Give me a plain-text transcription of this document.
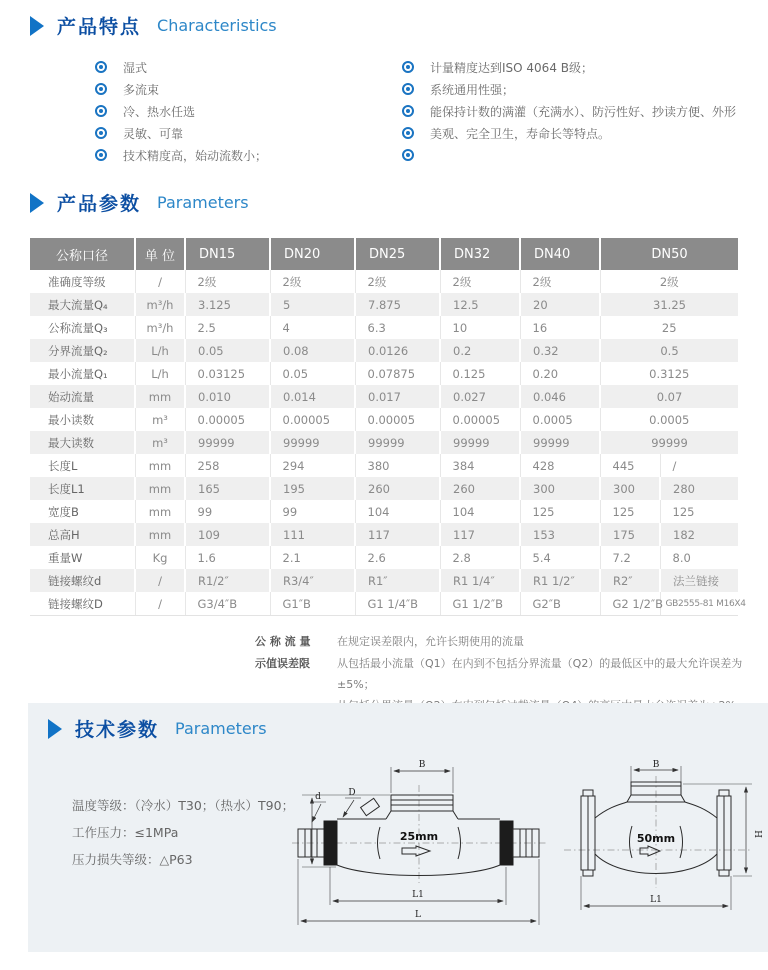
产品特点 Characteristics
湿式
多流束
冷、热水任选
灵敏、可靠
技术精度高，始动流数小；
计量精度达到ISO 4064 B级；
系统通用性强；
能保持计数的满灌（充满水）、防污性好、抄读方便、外形
美观、完全卫生，寿命长等特点。
产品参数 Parameters
公称口径	单 位	DN15	DN20	DN25	DN32	DN40	DN50	
准确度等级	/	2级	2级	2级	2级	2级	2级	
最大流量Q₄	m³/h	3.125	5	7.875	12.5	20	31.25	
公称流量Q₃	m³/h	2.5	4	6.3	10	16	25	
分界流量Q₂	L/h	0.05	0.08	0.0126	0.2	0.32	0.5	
最小流量Q₁	L/h	0.03125	0.05	0.07875	0.125	0.20	0.3125	
始动流量	mm	0.010	0.014	0.017	0.027	0.046	0.07	
最小读数	m³	0.00005	0.00005	0.00005	0.00005	0.0005	0.0005	
最大读数	m³	99999	99999	99999	99999	99999	99999	
长度L	mm	258	294	380	384	428	445	/
长度L1	mm	165	195	260	260	300	300	280
宽度B	mm	99	99	104	104	125	125	125
总高H	mm	109	111	117	117	153	175	182
重量W	Kg	1.6	2.1	2.6	2.8	5.4	7.2	8.0
链接螺纹d	/	R1/2″	R3/4″	R1″	R1 1/4″	R1 1/2″	R2″	法兰链接
链接螺纹D	/	G3/4″B	G1″B	G1 1/4″B	G1 1/2″B	G2″B	G2 1/2″B	GB2555-81 M16X4
公 称 流 量	在规定误差限内，允许长期使用的流量
示值误差限	从包括最小流量（Q1）在内到不包括分界流量（Q2）的最低区中的最大允许误差为±5%；
技术参数 Parameters
温度等级：（冷水）T30；（热水）T90；
工作压力：≤1MPa
压力损失等级：△P63
B
d	D
25mm
L1
L
B
50mm	H
L1
